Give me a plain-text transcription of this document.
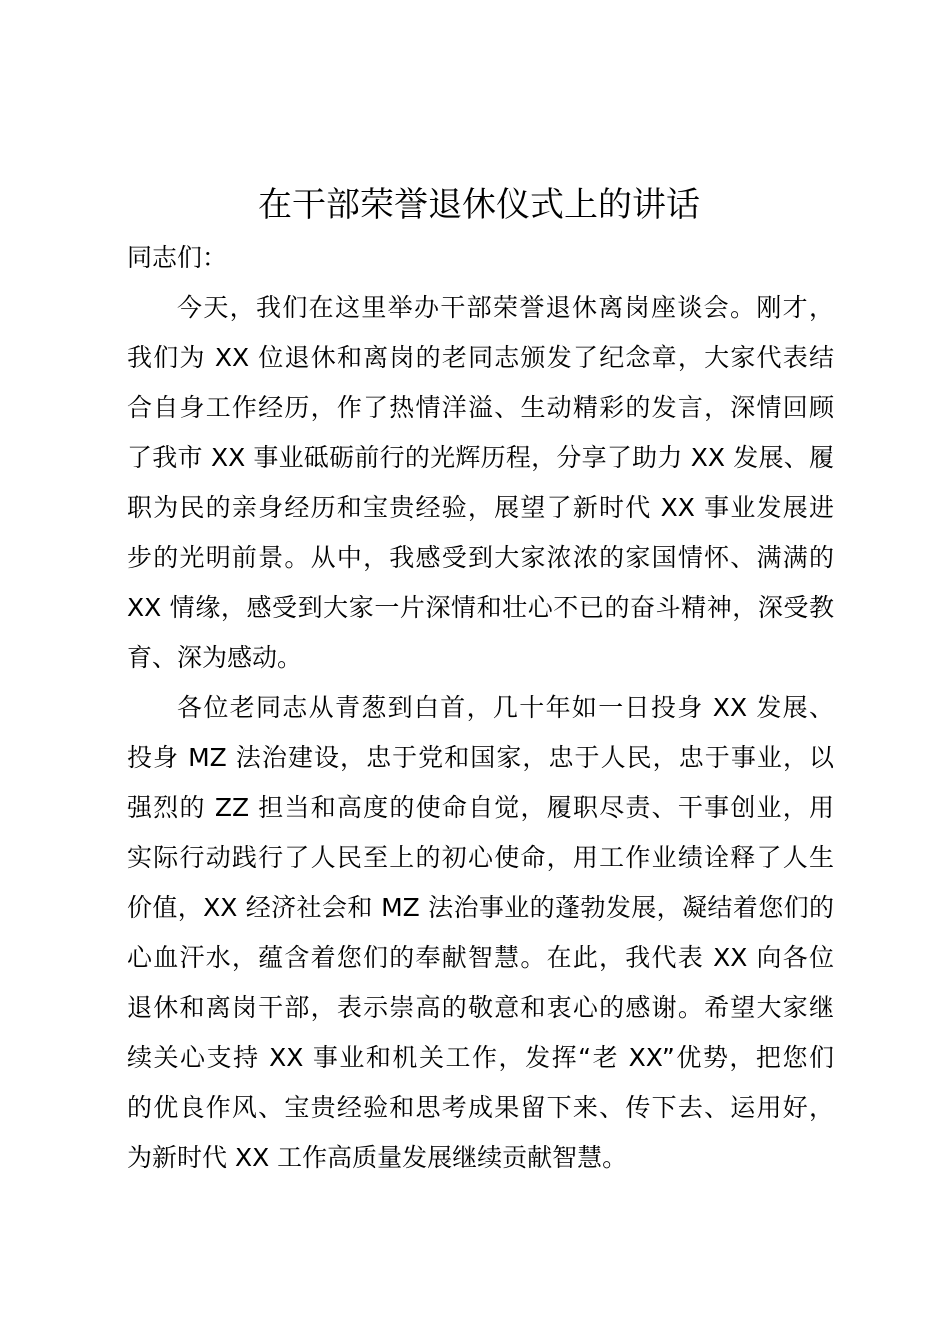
在干部荣誉退休仪式上的讲话

同志们：

今天，我们在这里举办干部荣誉退休离岗座谈会。刚才，
我们为 XX 位退休和离岗的老同志颁发了纪念章，大家代表结
合自身工作经历，作了热情洋溢、生动精彩的发言，深情回顾
了我市 XX 事业砥砺前行的光辉历程，分享了助力 XX 发展、履
职为民的亲身经历和宝贵经验，展望了新时代 XX 事业发展进
步的光明前景。从中，我感受到大家浓浓的家国情怀、满满的
XX 情缘，感受到大家一片深情和壮心不已的奋斗精神，深受教
育、深为感动。
各位老同志从青葱到白首，几十年如一日投身 XX 发展、
投身 MZ 法治建设，忠于党和国家，忠于人民，忠于事业，以
强烈的 ZZ 担当和高度的使命自觉，履职尽责、干事创业，用
实际行动践行了人民至上的初心使命，用工作业绩诠释了人生
价值，XX 经济社会和 MZ 法治事业的蓬勃发展，凝结着您们的
心血汗水，蕴含着您们的奉献智慧。在此，我代表 XX 向各位
退休和离岗干部，表示崇高的敬意和衷心的感谢。希望大家继
续关心支持 XX 事业和机关工作，发挥“老 XX”优势，把您们
的优良作风、宝贵经验和思考成果留下来、传下去、运用好，
为新时代 XX 工作高质量发展继续贡献智慧。
